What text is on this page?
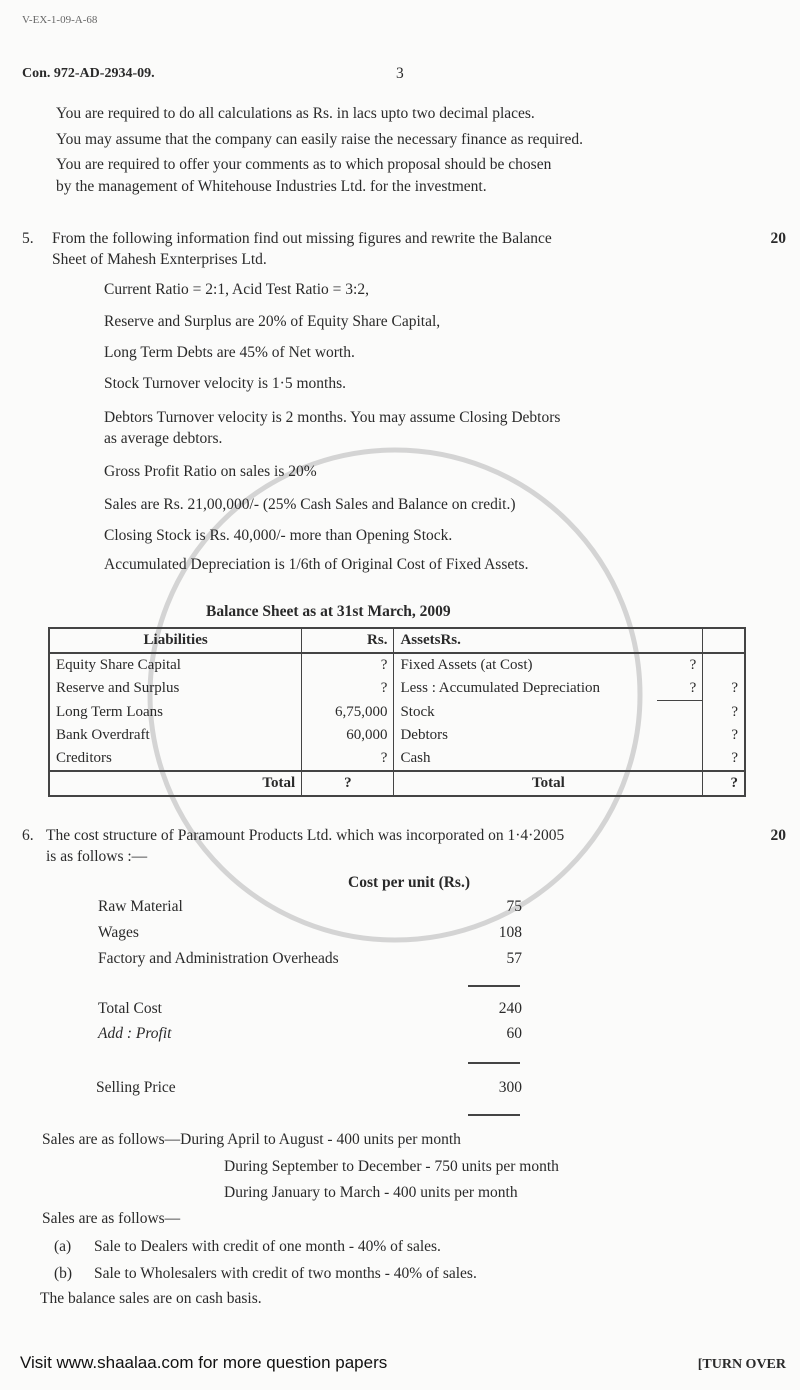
V-EX-1-09-A-68
Con. 972-AD-2934-09.	3
You are required to do all calculations as Rs. in lacs upto two decimal places.
You may assume that the company can easily raise the necessary finance as required.
You are required to offer your comments as to which proposal should be chosen
by the management of Whitehouse Industries Ltd. for the investment.
5. From the following information find out missing figures and rewrite the Balance	20
Sheet of Mahesh Exnterprises Ltd.
Current Ratio = 2:1, Acid Test Ratio = 3:2,
Reserve and Surplus are 20% of Equity Share Capital,
Long Term Debts are 45% of Net worth.
Stock Turnover velocity is 1·5 months.
Debtors Turnover velocity is 2 months. You may assume Closing Debtors
as average debtors.
Gross Profit Ratio on sales is 20%
Sales are Rs. 21,00,000/- (25% Cash Sales and Balance on credit.)
Closing Stock is Rs. 40,000/- more than Opening Stock.
Accumulated Depreciation is 1/6th of Original Cost of Fixed Assets.
Balance Sheet as at 31st March, 2009
Liabilities	Rs.	AssetsRs.		
Equity Share Capital	?	Fixed Assets (at Cost)	?	
Reserve and Surplus	?	Less : Accumulated Depreciation	?	?
Long Term Loans	6,75,000	Stock		?
Bank Overdraft	60,000	Debtors		?
Creditors	?	Cash		?
Total	?	Total		?
6. The cost structure of Paramount Products Ltd. which was incorporated on 1·4·2005	20
is as follows :—
Cost per unit (Rs.)
Raw Material	75
Wages	108
Factory and Administration Overheads	57
Total Cost	240
Add : Profit	60
Selling Price	300
Sales are as follows—During April to August - 400 units per month
During September to December - 750 units per month
During January to March - 400 units per month
Sales are as follows—
(a) Sale to Dealers with credit of one month - 40% of sales.
(b) Sale to Wholesalers with credit of two months - 40% of sales.
The balance sales are on cash basis.
Visit www.shaalaa.com for more question papers	[TURN OVER
